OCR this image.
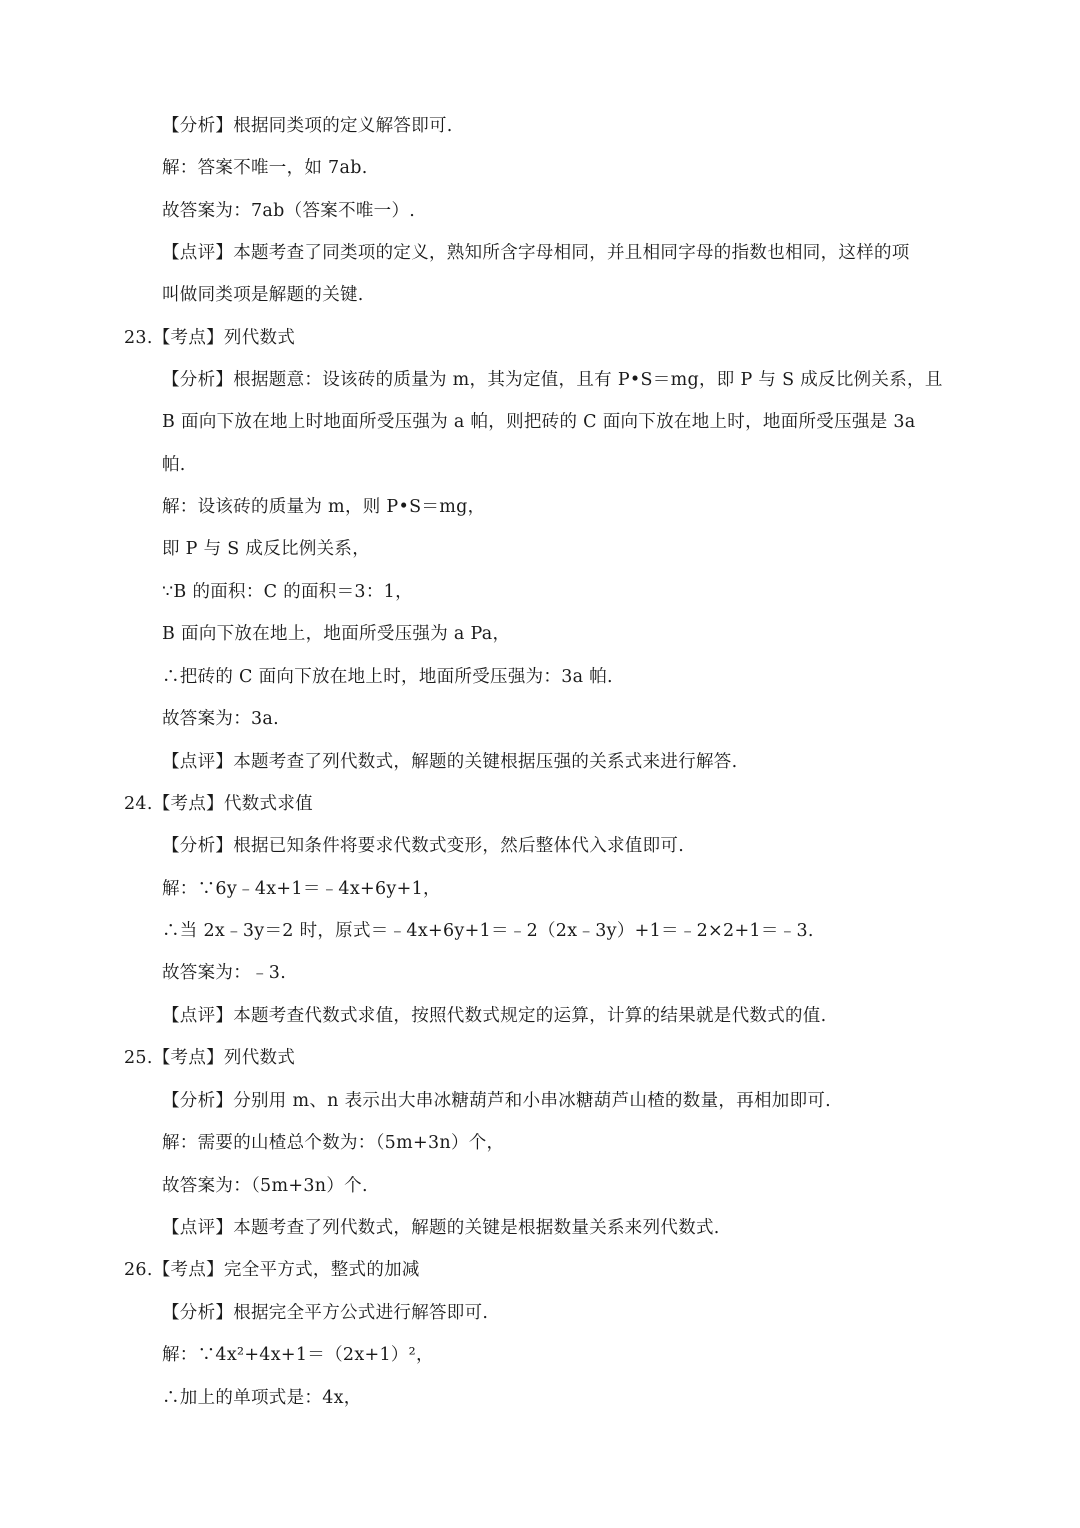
【分析】根据同类项的定义解答即可.
解：答案不唯一，如 7ab.
故答案为：7ab（答案不唯一）.
【点评】本题考查了同类项的定义，熟知所含字母相同，并且相同字母的指数也相同，这样的项
叫做同类项是解题的关键.
23.【考点】列代数式
【分析】根据题意：设该砖的质量为 m，其为定值，且有 P•S＝mg，即 P 与 S 成反比例关系，且
B 面向下放在地上时地面所受压强为 a 帕，则把砖的 C 面向下放在地上时，地面所受压强是 3a
帕.
解：设该砖的质量为 m，则 P•S＝mg，
即 P 与 S 成反比例关系，
∵B 的面积：C 的面积＝3：1，
B 面向下放在地上，地面所受压强为 a Pa，
∴把砖的 C 面向下放在地上时，地面所受压强为：3a 帕.
故答案为：3a.
【点评】本题考查了列代数式，解题的关键根据压强的关系式来进行解答.
24.【考点】代数式求值
【分析】根据已知条件将要求代数式变形，然后整体代入求值即可.
解：∵6y﹣4x+1＝﹣4x+6y+1，
∴当 2x﹣3y＝2 时，原式＝﹣4x+6y+1＝﹣2（2x﹣3y）+1＝﹣2×2+1＝﹣3.
故答案为：﹣3.
【点评】本题考查代数式求值，按照代数式规定的运算，计算的结果就是代数式的值.
25.【考点】列代数式
【分析】分别用 m、n 表示出大串冰糖葫芦和小串冰糖葫芦山楂的数量，再相加即可.
解：需要的山楂总个数为：（5m+3n）个，
故答案为：（5m+3n）个.
【点评】本题考查了列代数式，解题的关键是根据数量关系来列代数式.
26.【考点】完全平方式，整式的加减
【分析】根据完全平方公式进行解答即可.
解：∵4x²+4x+1＝（2x+1）²，
∴加上的单项式是：4x，
